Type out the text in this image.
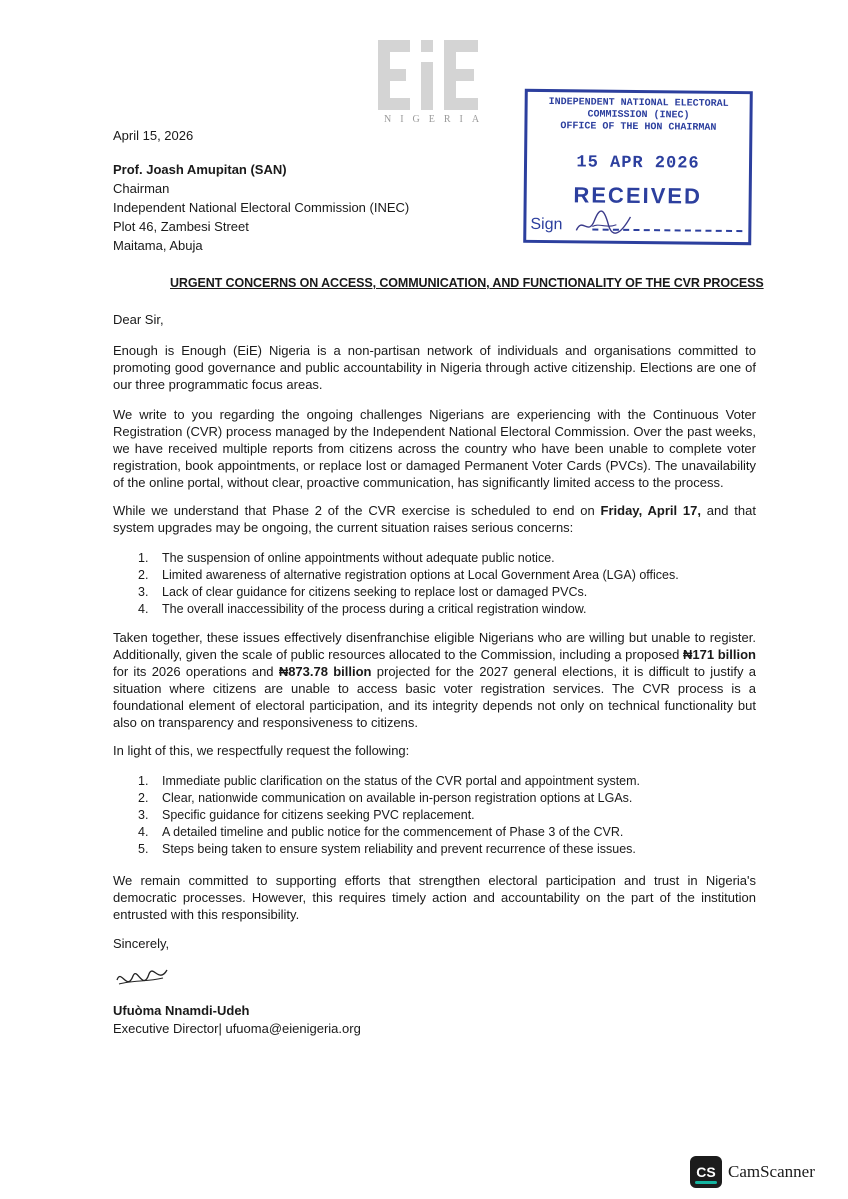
NIGERIA
April 15, 2026
Prof. Joash Amupitan (SAN)
Chairman
Independent National Electoral Commission (INEC)
Plot 46, Zambesi Street
Maitama, Abuja
INDEPENDENT NATIONAL ELECTORAL
COMMISSION (INEC)
OFFICE OF THE HON CHAIRMAN
15 APR 2026
RECEIVED
Sign
URGENT CONCERNS ON ACCESS, COMMUNICATION, AND FUNCTIONALITY OF THE CVR PROCESS
Dear Sir,
Enough is Enough (EiE) Nigeria is a non-partisan network of individuals and organisations committed to promoting good governance and public accountability in Nigeria through active citizenship. Elections are one of our three programmatic focus areas.
We write to you regarding the ongoing challenges Nigerians are experiencing with the Continuous Voter Registration (CVR) process managed by the Independent National Electoral Commission. Over the past weeks, we have received multiple reports from citizens across the country who have been unable to complete voter registration, book appointments, or replace lost or damaged Permanent Voter Cards (PVCs). The unavailability of the online portal, without clear, proactive communication, has significantly limited access to the process.
While we understand that Phase 2 of the CVR exercise is scheduled to end on Friday, April 17, and that system upgrades may be ongoing, the current situation raises serious concerns:
1. The suspension of online appointments without adequate public notice.
2. Limited awareness of alternative registration options at Local Government Area (LGA) offices.
3. Lack of clear guidance for citizens seeking to replace lost or damaged PVCs.
4. The overall inaccessibility of the process during a critical registration window.
Taken together, these issues effectively disenfranchise eligible Nigerians who are willing but unable to register. Additionally, given the scale of public resources allocated to the Commission, including a proposed ₦171 billion for its 2026 operations and ₦873.78 billion projected for the 2027 general elections, it is difficult to justify a situation where citizens are unable to access basic voter registration services. The CVR process is a foundational element of electoral participation, and its integrity depends not only on technical functionality but also on transparency and responsiveness to citizens.
In light of this, we respectfully request the following:
1. Immediate public clarification on the status of the CVR portal and appointment system.
2. Clear, nationwide communication on available in-person registration options at LGAs.
3. Specific guidance for citizens seeking PVC replacement.
4. A detailed timeline and public notice for the commencement of Phase 3 of the CVR.
5. Steps being taken to ensure system reliability and prevent recurrence of these issues.
We remain committed to supporting efforts that strengthen electoral participation and trust in Nigeria's democratic processes. However, this requires timely action and accountability on the part of the institution entrusted with this responsibility.
Sincerely,
Ufuòma Nnamdi-Udeh
Executive Director| ufuoma@eienigeria.org
CS CamScanner
